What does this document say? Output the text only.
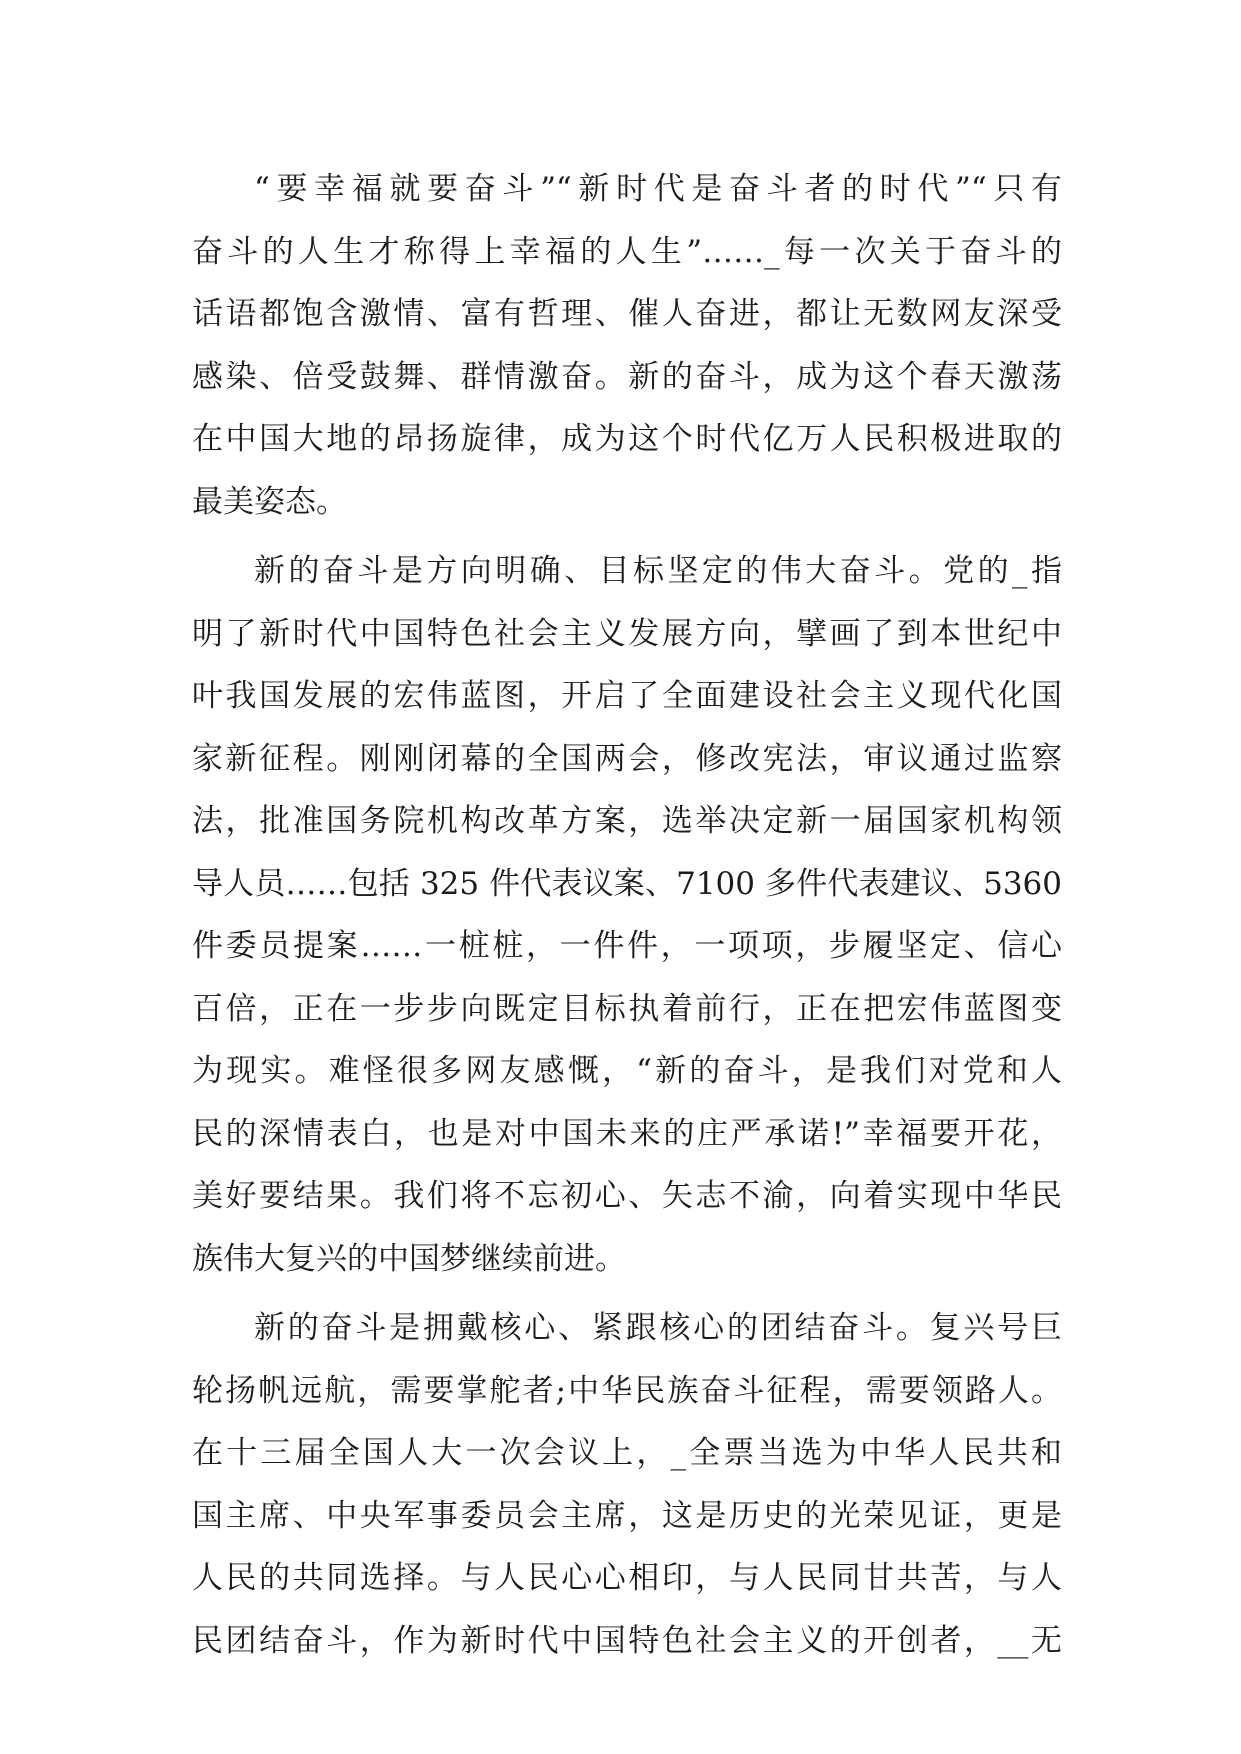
“要幸福就要奋斗”“新时代是奋斗者的时代”“只有
奋斗的人生才称得上幸福的人生”……_每一次关于奋斗的
话语都饱含激情、富有哲理、催人奋进，都让无数网友深受
感染、倍受鼓舞、群情激奋。新的奋斗，成为这个春天激荡
在中国大地的昂扬旋律，成为这个时代亿万人民积极进取的
最美姿态。
新的奋斗是方向明确、目标坚定的伟大奋斗。党的_指
明了新时代中国特色社会主义发展方向，擘画了到本世纪中
叶我国发展的宏伟蓝图，开启了全面建设社会主义现代化国
家新征程。刚刚闭幕的全国两会，修改宪法，审议通过监察
法，批准国务院机构改革方案，选举决定新一届国家机构领
导人员……包括 325 件代表议案、7100 多件代表建议、5360
件委员提案……一桩桩，一件件，一项项，步履坚定、信心
百倍，正在一步步向既定目标执着前行，正在把宏伟蓝图变
为现实。难怪很多网友感慨，“新的奋斗，是我们对党和人
民的深情表白，也是对中国未来的庄严承诺!”幸福要开花，
美好要结果。我们将不忘初心、矢志不渝，向着实现中华民
族伟大复兴的中国梦继续前进。
新的奋斗是拥戴核心、紧跟核心的团结奋斗。复兴号巨
轮扬帆远航，需要掌舵者;中华民族奋斗征程，需要领路人。
在十三届全国人大一次会议上，_全票当选为中华人民共和
国主席、中央军事委员会主席，这是历史的光荣见证，更是
人民的共同选择。与人民心心相印，与人民同甘共苦，与人
民团结奋斗，作为新时代中国特色社会主义的开创者，__无
